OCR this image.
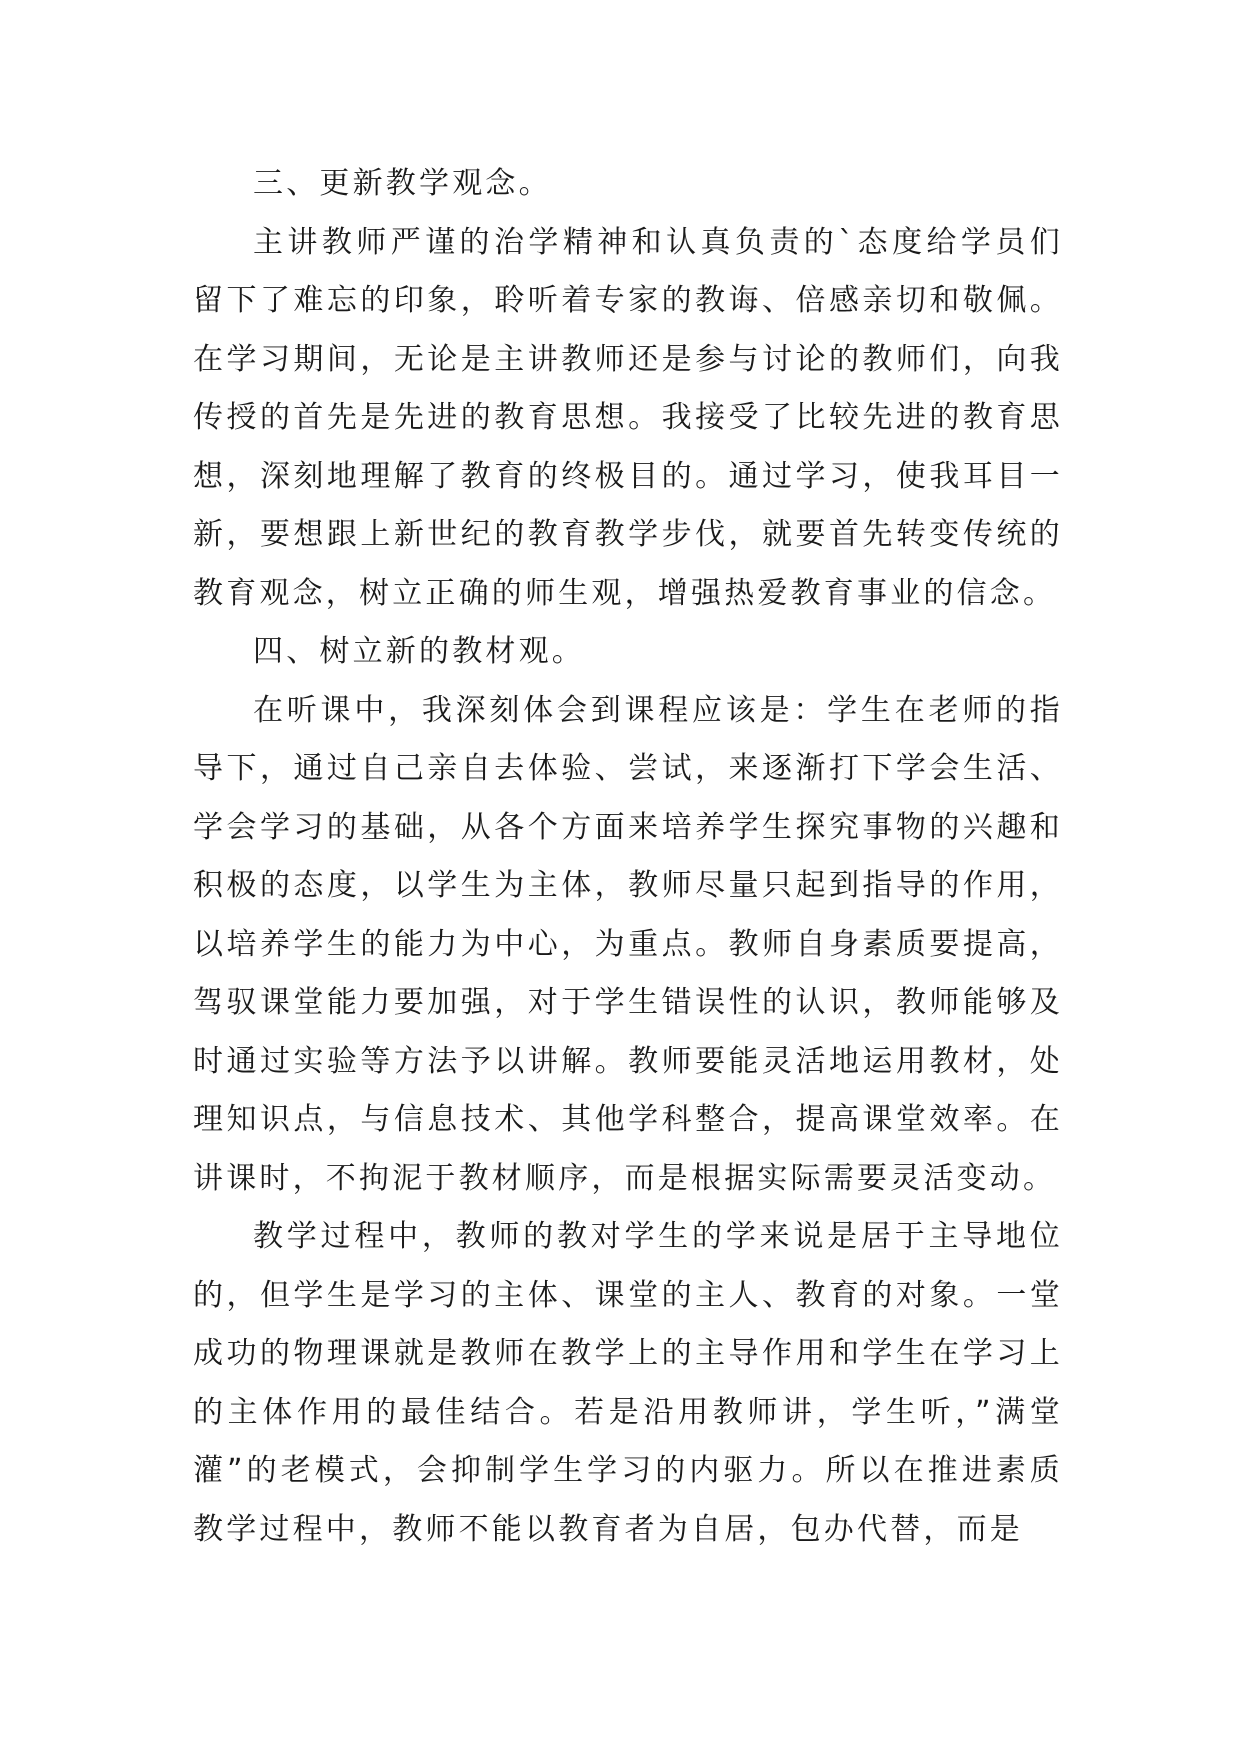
三、更新教学观念。

主讲教师严谨的治学精神和认真负责的`态度给学员们留下了难忘的印象，聆听着专家的教诲、倍感亲切和敬佩。在学习期间，无论是主讲教师还是参与讨论的教师们，向我传授的首先是先进的教育思想。我接受了比较先进的教育思想，深刻地理解了教育的终极目的。通过学习，使我耳目一新，要想跟上新世纪的教育教学步伐，就要首先转变传统的教育观念，树立正确的师生观，增强热爱教育事业的信念。

四、树立新的教材观。

在听课中，我深刻体会到课程应该是：学生在老师的指导下，通过自己亲自去体验、尝试，来逐渐打下学会生活、学会学习的基础，从各个方面来培养学生探究事物的兴趣和积极的态度，以学生为主体，教师尽量只起到指导的作用，以培养学生的能力为中心，为重点。教师自身素质要提高，驾驭课堂能力要加强，对于学生错误性的认识，教师能够及时通过实验等方法予以讲解。教师要能灵活地运用教材，处理知识点，与信息技术、其他学科整合，提高课堂效率。在讲课时，不拘泥于教材顺序，而是根据实际需要灵活变动。

教学过程中，教师的教对学生的学来说是居于主导地位的，但学生是学习的主体、课堂的主人、教育的对象。一堂成功的物理课就是教师在教学上的主导作用和学生在学习上的主体作用的最佳结合。若是沿用教师讲，学生听，”满堂灌”的老模式，会抑制学生学习的内驱力。所以在推进素质教学过程中，教师不能以教育者为自居，包办代替，而是
